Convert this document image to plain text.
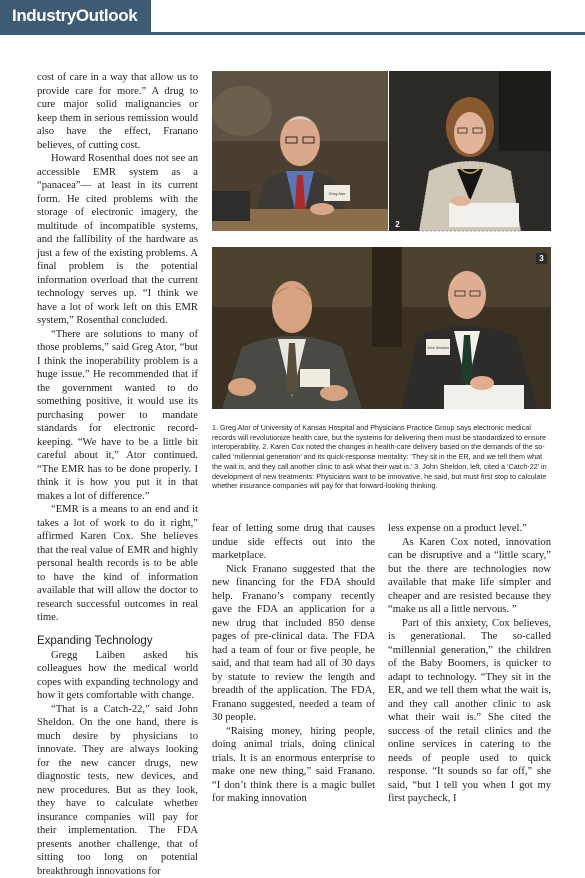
IndustryOutlook

cost of care in a way that allow us to provide care for more.” A drug to cure major solid malignancies or keep them in serious remission would also have the effect, Franano believes, of cutting cost.

Howard Rosenthal does not see an accessible EMR system as a “panacea”— at least in its current form. He cited problems with the storage of electronic imagery, the multitude of incompatible systems, and the fallibility of the hardware as just a few of the existing problems. A final problem is the potential information overload that the current technology serves up. “I think we have a lot of work left on this EMR system,” Rosenthal concluded.

“There are solutions to many of those problems,” said Greg Ator, “but I think the inoperability problem is a huge issue.” He recommended that if the government wanted to do something positive, it would use its purchasing power to mandate standards for electronic record-keeping. “We have to be a little bit careful about it,” Ator continued. “The EMR has to be done properly. I think it is how you put it in that makes a lot of difference.”

“EMR is a means to an end and it takes a lot of work to do it right,” affirmed Karen Cox. She believes that the real value of EMR and highly personal health records is to be able to have the kind of information available that will allow the doctor to research successful outcomes in real time.

Expanding Technology

Gregg Laiben asked his colleagues how the medical world copes with expanding technology and how it gets comfortable with change.

“That is a Catch-22,” said John Sheldon. On the one hand, there is much desire by physicians to innovate. They are always looking for the new cancer drugs, new diagnostic tests, new devices, and new procedures. But as they look, they have to calculate whether insurance companies will pay for their implementation. The FDA presents another challenge, that of sitting too long on potential breakthrough innovations for

Greg Ator
2
John Sheldon
3
1. Greg Ator of University of Kansas Hospital and Physicians Practice Group says electronic medical records will revolutionize health care, but the systems for delivering them must be standardized to ensure interoperability. 2. Karen Cox noted the changes in health-care delivery based on the demands of the so-called ‘millennial generation’ and its quick-response mentality: ‘They sit in the ER, and we tell them what the wait is, and they call another clinic to ask what their wait is.’ 3. John Sheldon, left, cited a ‘Catch-22’ in development of new treatments: Physicians want to be innovative, he said, but must first stop to calculate whether insurance companies will pay for that forward-looking thinking.

fear of letting some drug that causes undue side effects out into the marketplace.

Nick Franano suggested that the new financing for the FDA should help. Franano’s company recently gave the FDA an application for a new drug that included 850 dense pages of pre-clinical data. The FDA had a team of four or five people, he said, and that team had all of 30 days by statute to review the length and breadth of the application. The FDA, Franano suggested, needed a team of 30 people.

“Raising money, hiring people, doing animal trials, doing clinical trials. It is an enormous enterprise to make one new thing,” said Franano. “I don’t think there is a magic bullet for making innovation

less expense on a product level.”

As Karen Cox noted, innovation can be disruptive and a “little scary,” but the there are technologies now available that make life simpler and cheaper and are resisted because they “make us all a little nervous. ”

Part of this anxiety, Cox believes, is generational. The so-called “millennial generation,” the children of the Baby Boomers, is quicker to adapt to technology. “They sit in the ER, and we tell them what the wait is, and they call another clinic to ask what their wait is.” She cited the success of the retail clinics and the online services in catering to the needs of people used to quick response. “It sounds so far off,” she said, “but I tell you when I got my first paycheck, I
